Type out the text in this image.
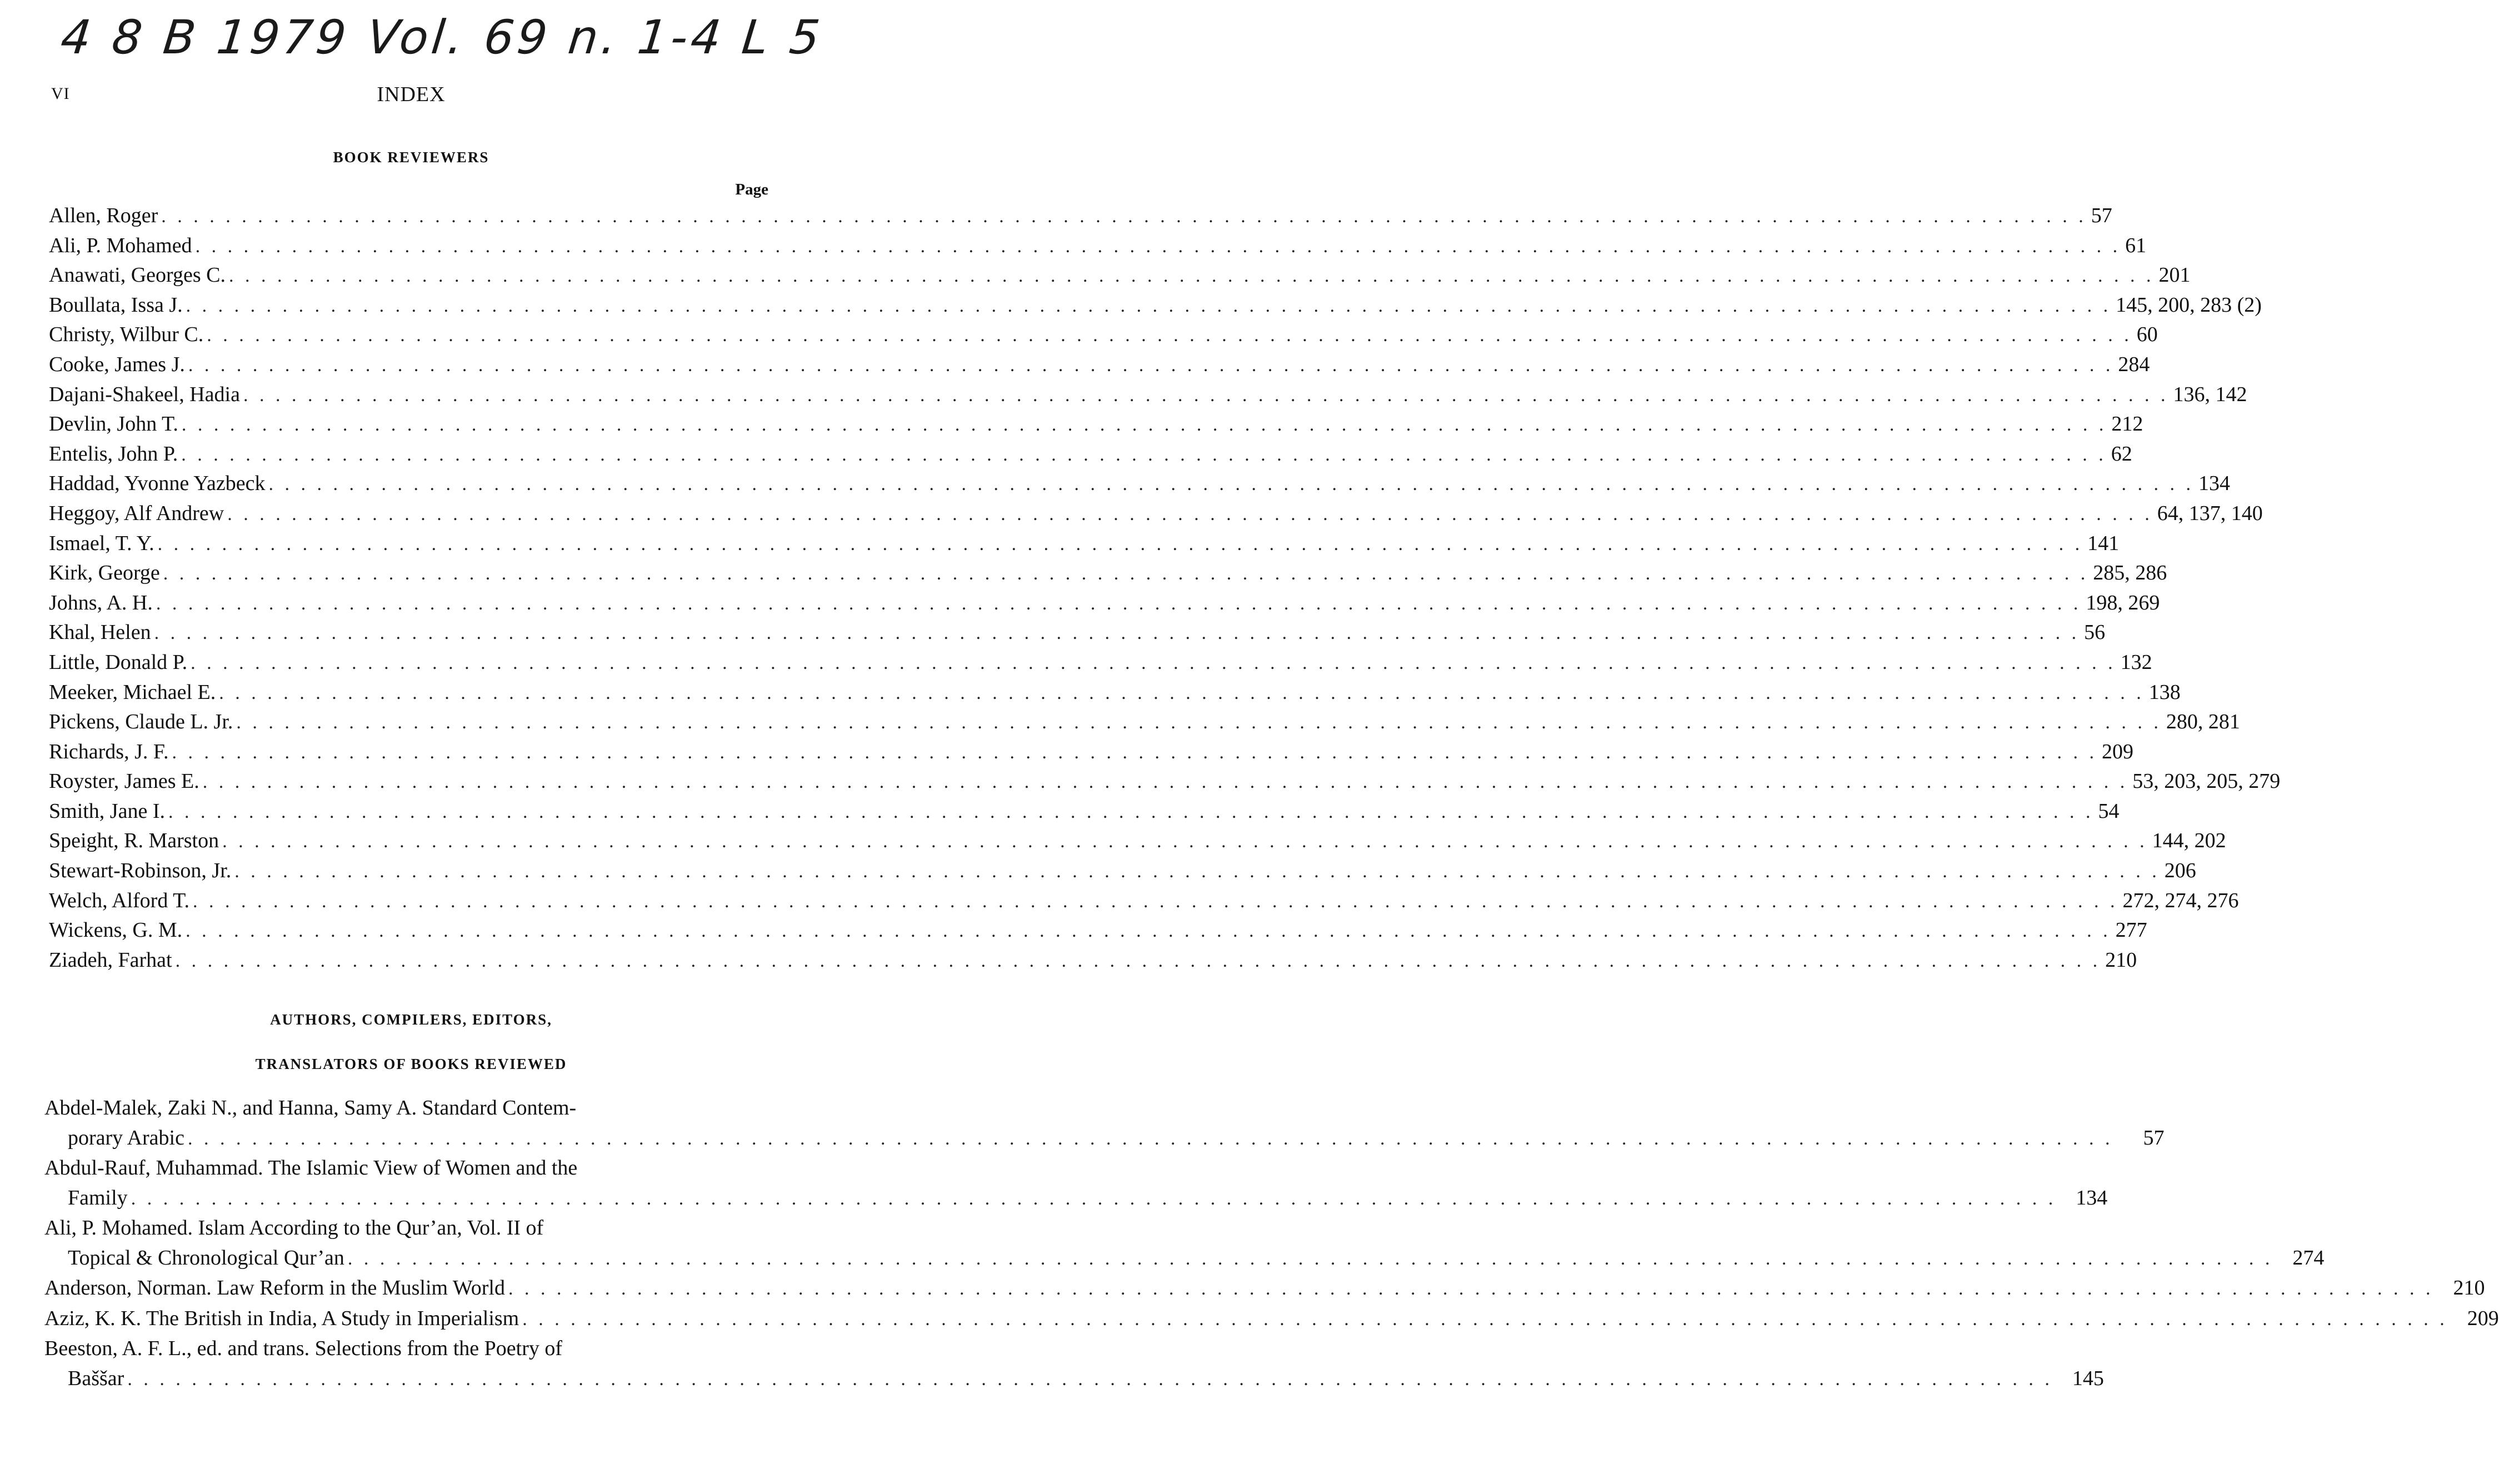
4 8 B 1979 Vol. 69 n. 1-4 L 5
VI	INDEX
BOOK REVIEWERS
Page
Allen, Roger . . . . . . . . . . . . . . . . . . . . . . . . . . . . . . . . . . . . . . . . . . . . . . . . . . . . . . . . . . . . . . . . . . . . . . . . . . . . . . . . . . . . . . . . . . . . . . . . . . . . . . . . . . . . . . . . . . . . . . . . 57
Ali, P. Mohamed . . . . . . . . . . . . . . . . . . . . . . . . . . . . . . . . . . . . . . . . . . . . . . . . . . . . . . . . . . . . . . . . . . . . . . . . . . . . . . . . . . . . . . . . . . . . . . . . . . . . . . . . . . . . . . . . . . . . . . . . 61
Anawati, Georges C. . . . . . . . . . . . . . . . . . . . . . . . . . . . . . . . . . . . . . . . . . . . . . . . . . . . . . . . . . . . . . . . . . . . . . . . . . . . . . . . . . . . . . . . . . . . . . . . . . . . . . . . . . . . . . . . . . . . . . . . . 201
Boullata, Issa J. . . . . . . . . . . . . . . . . . . . . . . . . . . . . . . . . . . . . . . . . . . . . . . . . . . . . . . . . . . . . . . . . . . . . . . . . . . . . . . . . . . . . . . . . . . . . . . . . . . . . . . . . . . . . . . . . . . . . . . . . 145, 200, 283 (2)
Christy, Wilbur C. . . . . . . . . . . . . . . . . . . . . . . . . . . . . . . . . . . . . . . . . . . . . . . . . . . . . . . . . . . . . . . . . . . . . . . . . . . . . . . . . . . . . . . . . . . . . . . . . . . . . . . . . . . . . . . . . . . . . . . . . 60
Cooke, James J. . . . . . . . . . . . . . . . . . . . . . . . . . . . . . . . . . . . . . . . . . . . . . . . . . . . . . . . . . . . . . . . . . . . . . . . . . . . . . . . . . . . . . . . . . . . . . . . . . . . . . . . . . . . . . . . . . . . . . . . . 284
Dajani-Shakeel, Hadia . . . . . . . . . . . . . . . . . . . . . . . . . . . . . . . . . . . . . . . . . . . . . . . . . . . . . . . . . . . . . . . . . . . . . . . . . . . . . . . . . . . . . . . . . . . . . . . . . . . . . . . . . . . . . . . . . . . . . . . . 136, 142
Devlin, John T. . . . . . . . . . . . . . . . . . . . . . . . . . . . . . . . . . . . . . . . . . . . . . . . . . . . . . . . . . . . . . . . . . . . . . . . . . . . . . . . . . . . . . . . . . . . . . . . . . . . . . . . . . . . . . . . . . . . . . . . . 212
Entelis, John P. . . . . . . . . . . . . . . . . . . . . . . . . . . . . . . . . . . . . . . . . . . . . . . . . . . . . . . . . . . . . . . . . . . . . . . . . . . . . . . . . . . . . . . . . . . . . . . . . . . . . . . . . . . . . . . . . . . . . . . . . 62
Haddad, Yvonne Yazbeck . . . . . . . . . . . . . . . . . . . . . . . . . . . . . . . . . . . . . . . . . . . . . . . . . . . . . . . . . . . . . . . . . . . . . . . . . . . . . . . . . . . . . . . . . . . . . . . . . . . . . . . . . . . . . . . . . . . . . . . . 134
Heggoy, Alf Andrew . . . . . . . . . . . . . . . . . . . . . . . . . . . . . . . . . . . . . . . . . . . . . . . . . . . . . . . . . . . . . . . . . . . . . . . . . . . . . . . . . . . . . . . . . . . . . . . . . . . . . . . . . . . . . . . . . . . . . . . . 64, 137, 140
Ismael, T. Y. . . . . . . . . . . . . . . . . . . . . . . . . . . . . . . . . . . . . . . . . . . . . . . . . . . . . . . . . . . . . . . . . . . . . . . . . . . . . . . . . . . . . . . . . . . . . . . . . . . . . . . . . . . . . . . . . . . . . . . . . 141
Kirk, George . . . . . . . . . . . . . . . . . . . . . . . . . . . . . . . . . . . . . . . . . . . . . . . . . . . . . . . . . . . . . . . . . . . . . . . . . . . . . . . . . . . . . . . . . . . . . . . . . . . . . . . . . . . . . . . . . . . . . . . . 285, 286
Johns, A. H. . . . . . . . . . . . . . . . . . . . . . . . . . . . . . . . . . . . . . . . . . . . . . . . . . . . . . . . . . . . . . . . . . . . . . . . . . . . . . . . . . . . . . . . . . . . . . . . . . . . . . . . . . . . . . . . . . . . . . . . . 198, 269
Khal, Helen . . . . . . . . . . . . . . . . . . . . . . . . . . . . . . . . . . . . . . . . . . . . . . . . . . . . . . . . . . . . . . . . . . . . . . . . . . . . . . . . . . . . . . . . . . . . . . . . . . . . . . . . . . . . . . . . . . . . . . . . 56
Little, Donald P. . . . . . . . . . . . . . . . . . . . . . . . . . . . . . . . . . . . . . . . . . . . . . . . . . . . . . . . . . . . . . . . . . . . . . . . . . . . . . . . . . . . . . . . . . . . . . . . . . . . . . . . . . . . . . . . . . . . . . . . . 132
Meeker, Michael E. . . . . . . . . . . . . . . . . . . . . . . . . . . . . . . . . . . . . . . . . . . . . . . . . . . . . . . . . . . . . . . . . . . . . . . . . . . . . . . . . . . . . . . . . . . . . . . . . . . . . . . . . . . . . . . . . . . . . . . . . 138
Pickens, Claude L. Jr. . . . . . . . . . . . . . . . . . . . . . . . . . . . . . . . . . . . . . . . . . . . . . . . . . . . . . . . . . . . . . . . . . . . . . . . . . . . . . . . . . . . . . . . . . . . . . . . . . . . . . . . . . . . . . . . . . . . . . . . . 280, 281
Richards, J. F. . . . . . . . . . . . . . . . . . . . . . . . . . . . . . . . . . . . . . . . . . . . . . . . . . . . . . . . . . . . . . . . . . . . . . . . . . . . . . . . . . . . . . . . . . . . . . . . . . . . . . . . . . . . . . . . . . . . . . . . . 209
Royster, James E. . . . . . . . . . . . . . . . . . . . . . . . . . . . . . . . . . . . . . . . . . . . . . . . . . . . . . . . . . . . . . . . . . . . . . . . . . . . . . . . . . . . . . . . . . . . . . . . . . . . . . . . . . . . . . . . . . . . . . . . . 53, 203, 205, 279
Smith, Jane I. . . . . . . . . . . . . . . . . . . . . . . . . . . . . . . . . . . . . . . . . . . . . . . . . . . . . . . . . . . . . . . . . . . . . . . . . . . . . . . . . . . . . . . . . . . . . . . . . . . . . . . . . . . . . . . . . . . . . . . . . 54
Speight, R. Marston . . . . . . . . . . . . . . . . . . . . . . . . . . . . . . . . . . . . . . . . . . . . . . . . . . . . . . . . . . . . . . . . . . . . . . . . . . . . . . . . . . . . . . . . . . . . . . . . . . . . . . . . . . . . . . . . . . . . . . . . 144, 202
Stewart-Robinson, Jr. . . . . . . . . . . . . . . . . . . . . . . . . . . . . . . . . . . . . . . . . . . . . . . . . . . . . . . . . . . . . . . . . . . . . . . . . . . . . . . . . . . . . . . . . . . . . . . . . . . . . . . . . . . . . . . . . . . . . . . . . 206
Welch, Alford T. . . . . . . . . . . . . . . . . . . . . . . . . . . . . . . . . . . . . . . . . . . . . . . . . . . . . . . . . . . . . . . . . . . . . . . . . . . . . . . . . . . . . . . . . . . . . . . . . . . . . . . . . . . . . . . . . . . . . . . . . 272, 274, 276
Wickens, G. M. . . . . . . . . . . . . . . . . . . . . . . . . . . . . . . . . . . . . . . . . . . . . . . . . . . . . . . . . . . . . . . . . . . . . . . . . . . . . . . . . . . . . . . . . . . . . . . . . . . . . . . . . . . . . . . . . . . . . . . . . 277
Ziadeh, Farhat . . . . . . . . . . . . . . . . . . . . . . . . . . . . . . . . . . . . . . . . . . . . . . . . . . . . . . . . . . . . . . . . . . . . . . . . . . . . . . . . . . . . . . . . . . . . . . . . . . . . . . . . . . . . . . . . . . . . . . . . 210
AUTHORS, COMPILERS, EDITORS,
TRANSLATORS OF BOOKS REVIEWED
Abdel-Malek, Zaki N., and Hanna, Samy A. Standard Contem-
porary Arabic . . . . . . . . . . . . . . . . . . . . . . . . . . . . . . . . . . . . . . . . . . . . . . . . . . . . . . . . . . . . . . . . . . . . . . . . . . . . . . . . . . . . . . . . . . . . . . . . . . . . . . . . . . . . . . . . . . . . . . . .	57
Abdul-Rauf, Muhammad. The Islamic View of Women and the
Family . . . . . . . . . . . . . . . . . . . . . . . . . . . . . . . . . . . . . . . . . . . . . . . . . . . . . . . . . . . . . . . . . . . . . . . . . . . . . . . . . . . . . . . . . . . . . . . . . . . . . . . . . . . . . . . . . . . . . . . . 134
Ali, P. Mohamed. Islam According to the Qur’an, Vol. II of
Topical & Chronological Qur’an . . . . . . . . . . . . . . . . . . . . . . . . . . . . . . . . . . . . . . . . . . . . . . . . . . . . . . . . . . . . . . . . . . . . . . . . . . . . . . . . . . . . . . . . . . . . . . . . . . . . . . . . . . . . . . . . . . . . . . . . 274
Anderson, Norman. Law Reform in the Muslim World . . . . . . . . . . . . . . . . . . . . . . . . . . . . . . . . . . . . . . . . . . . . . . . . . . . . . . . . . . . . . . . . . . . . . . . . . . . . . . . . . . . . . . . . . . . . . . . . . . . . . . . . . . . . . . . . . . . . . . . . 210
Aziz, K. K. The British in India, A Study in Imperialism . . . . . . . . . . . . . . . . . . . . . . . . . . . . . . . . . . . . . . . . . . . . . . . . . . . . . . . . . . . . . . . . . . . . . . . . . . . . . . . . . . . . . . . . . . . . . . . . . . . . . . . . . . . . . . . . . . . . . . . . 209
Beeston, A. F. L., ed. and trans. Selections from the Poetry of
Baššar . . . . . . . . . . . . . . . . . . . . . . . . . . . . . . . . . . . . . . . . . . . . . . . . . . . . . . . . . . . . . . . . . . . . . . . . . . . . . . . . . . . . . . . . . . . . . . . . . . . . . . . . . . . . . . . . . . . . . . . . 145
